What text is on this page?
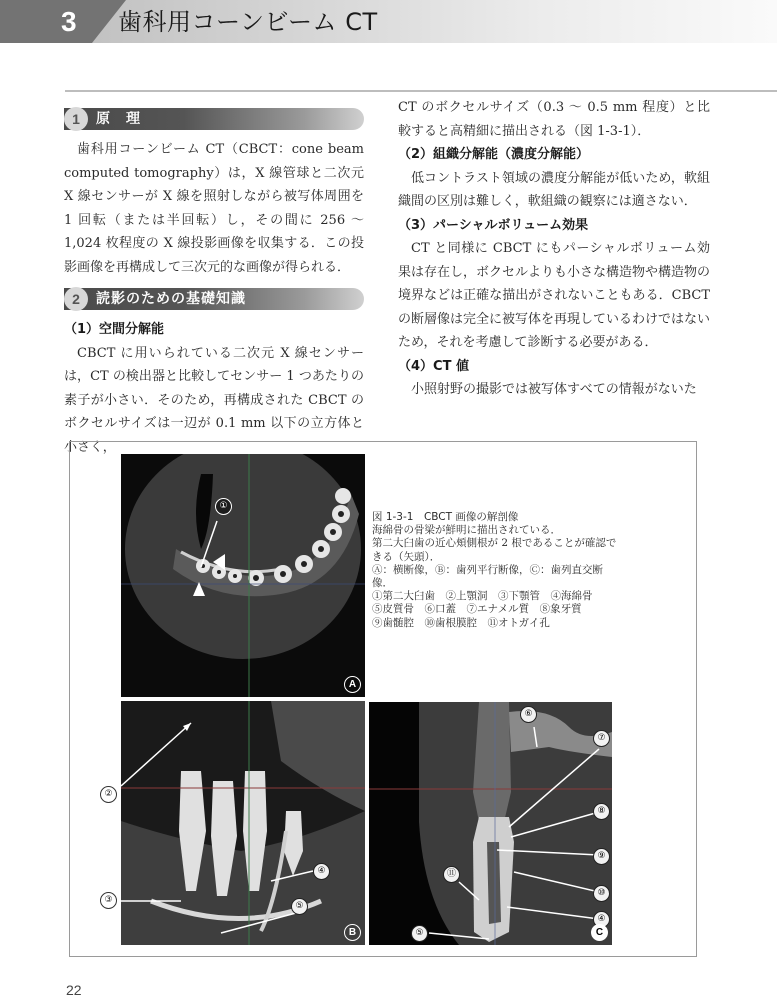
3 歯科用コーンビーム CT
1	原　理

歯科用コーンビーム CT（CBCT：cone beam computed tomography）は，X 線管球と二次元 X 線センサーが X 線を照射しながら被写体周囲を 1 回転（または半回転）し，その間に 256 ～ 1,024 枚程度の X 線投影画像を収集する．この投影画像を再構成して三次元的な画像が得られる．

2	読影のための基礎知識
（1）空間分解能

CBCT に用いられている二次元 X 線センサーは，CT の検出器と比較してセンサー 1 つあたりの素子が小さい．そのため，再構成された CBCT のボクセルサイズは一辺が 0.1 mm 以下の立方体と小さく，

CT のボクセルサイズ（0.3 ～ 0.5 mm 程度）と比較すると高精細に描出される（図 1-3-1）．

（2）組織分解能（濃度分解能）

低コントラスト領域の濃度分解能が低いため，軟組織間の区別は難しく，軟組織の観察には適さない．

（3）パーシャルボリューム効果

CT と同様に CBCT にもパーシャルボリューム効果は存在し，ボクセルよりも小さな構造物や構造物の境界などは正確な描出がされないこともある．CBCT の断層像は完全に被写体を再現しているわけではないため，それを考慮して診断する必要がある．

（4）CT 値

小照射野の撮影では被写体すべての情報がないた

①
A
④
⑤
B
②
③
⑥
⑦
⑧
⑨
⑩
④
⑪
⑤	C
図 1-3-1　CBCT 画像の解剖像
海綿骨の骨梁が鮮明に描出されている．
第二大臼歯の近心頬側根が 2 根であることが確認できる（矢頭）．
Ⓐ：横断像，Ⓑ：歯列平行断像，Ⓒ：歯列直交断像．
①第二大臼歯　②上顎洞　③下顎管　④海綿骨
⑤皮質骨　⑥口蓋　⑦エナメル質　⑧象牙質
⑨歯髄腔　⑩歯根膜腔　⑪オトガイ孔
22
